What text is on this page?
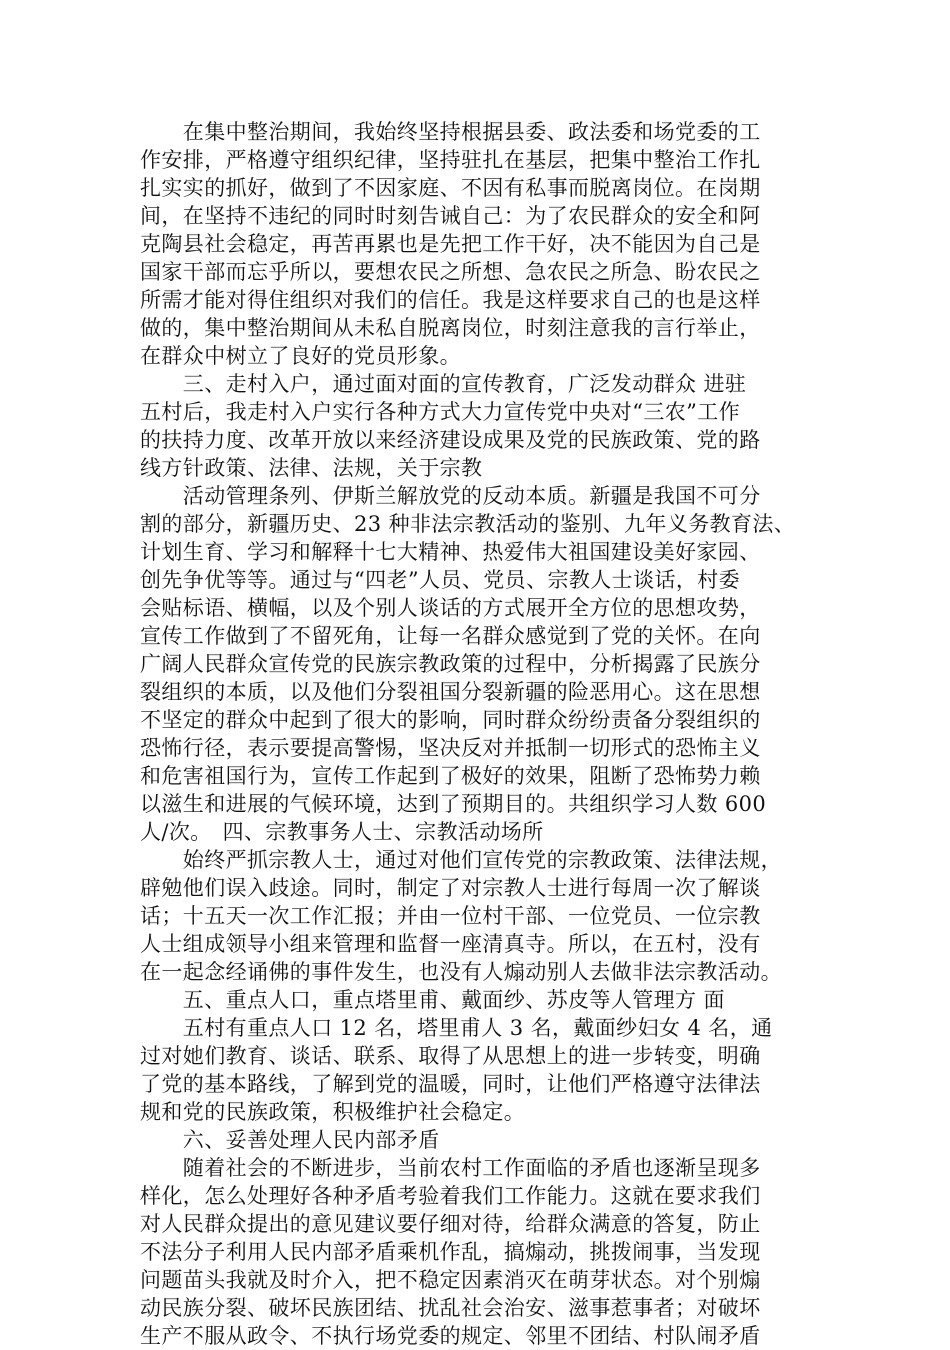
　　在集中整治期间，我始终坚持根据县委、政法委和场党委的工
作安排，严格遵守组织纪律，坚持驻扎在基层，把集中整治工作扎
扎实实的抓好，做到了不因家庭、不因有私事而脱离岗位。在岗期
间，在坚持不违纪的同时时刻告诫自己：为了农民群众的安全和阿
克陶县社会稳定，再苦再累也是先把工作干好，决不能因为自己是
国家干部而忘乎所以，要想农民之所想、急农民之所急、盼农民之
所需才能对得住组织对我们的信任。我是这样要求自己的也是这样
做的，集中整治期间从未私自脱离岗位，时刻注意我的言行举止，
在群众中树立了良好的党员形象。
　　三、走村入户，通过面对面的宣传教育，广泛发动群众 进驻
五村后，我走村入户实行各种方式大力宣传党中央对“三农”工作
的扶持力度、改革开放以来经济建设成果及党的民族政策、党的路
线方针政策、法律、法规，关于宗教
　　活动管理条列、伊斯兰解放党的反动本质。新疆是我国不可分
割的部分，新疆历史、23 种非法宗教活动的鉴别、九年义务教育法、
计划生育、学习和解释十七大精神、热爱伟大祖国建设美好家园、
创先争优等等。通过与“四老”人员、党员、宗教人士谈话，村委
会贴标语、横幅，以及个别人谈话的方式展开全方位的思想攻势，
宣传工作做到了不留死角，让每一名群众感觉到了党的关怀。在向
广阔人民群众宣传党的民族宗教政策的过程中，分析揭露了民族分
裂组织的本质，以及他们分裂祖国分裂新疆的险恶用心。这在思想
不坚定的群众中起到了很大的影响，同时群众纷纷责备分裂组织的
恐怖行径，表示要提高警惕，坚决反对并抵制一切形式的恐怖主义
和危害祖国行为，宣传工作起到了极好的效果，阻断了恐怖势力赖
以滋生和进展的气候环境，达到了预期目的。共组织学习人数 600
人/次。　四、宗教事务人士、宗教活动场所
　　始终严抓宗教人士，通过对他们宣传党的宗教政策、法律法规，
辟勉他们误入歧途。同时，制定了对宗教人士进行每周一次了解谈
话；十五天一次工作汇报；并由一位村干部、一位党员、一位宗教
人士组成领导小组来管理和监督一座清真寺。所以，在五村，没有
在一起念经诵佛的事件发生，也没有人煽动别人去做非法宗教活动。
　　五、重点人口，重点塔里甫、戴面纱、苏皮等人管理方 面
　　五村有重点人口 12 名，塔里甫人 3 名，戴面纱妇女 4 名，通
过对她们教育、谈话、联系、取得了从思想上的进一步转变，明确
了党的基本路线，了解到党的温暖，同时，让他们严格遵守法律法
规和党的民族政策，积极维护社会稳定。
　　六、妥善处理人民内部矛盾
　　随着社会的不断进步，当前农村工作面临的矛盾也逐渐呈现多
样化，怎么处理好各种矛盾考验着我们工作能力。这就在要求我们
对人民群众提出的意见建议要仔细对待，给群众满意的答复，防止
不法分子利用人民内部矛盾乘机作乱，搞煽动，挑拨闹事，当发现
问题苗头我就及时介入，把不稳定因素消灭在萌芽状态。对个别煽
动民族分裂、破坏民族团结、扰乱社会治安、滋事惹事者；对破坏
生产不服从政令、不执行场党委的规定、邻里不团结、村队闹矛盾
